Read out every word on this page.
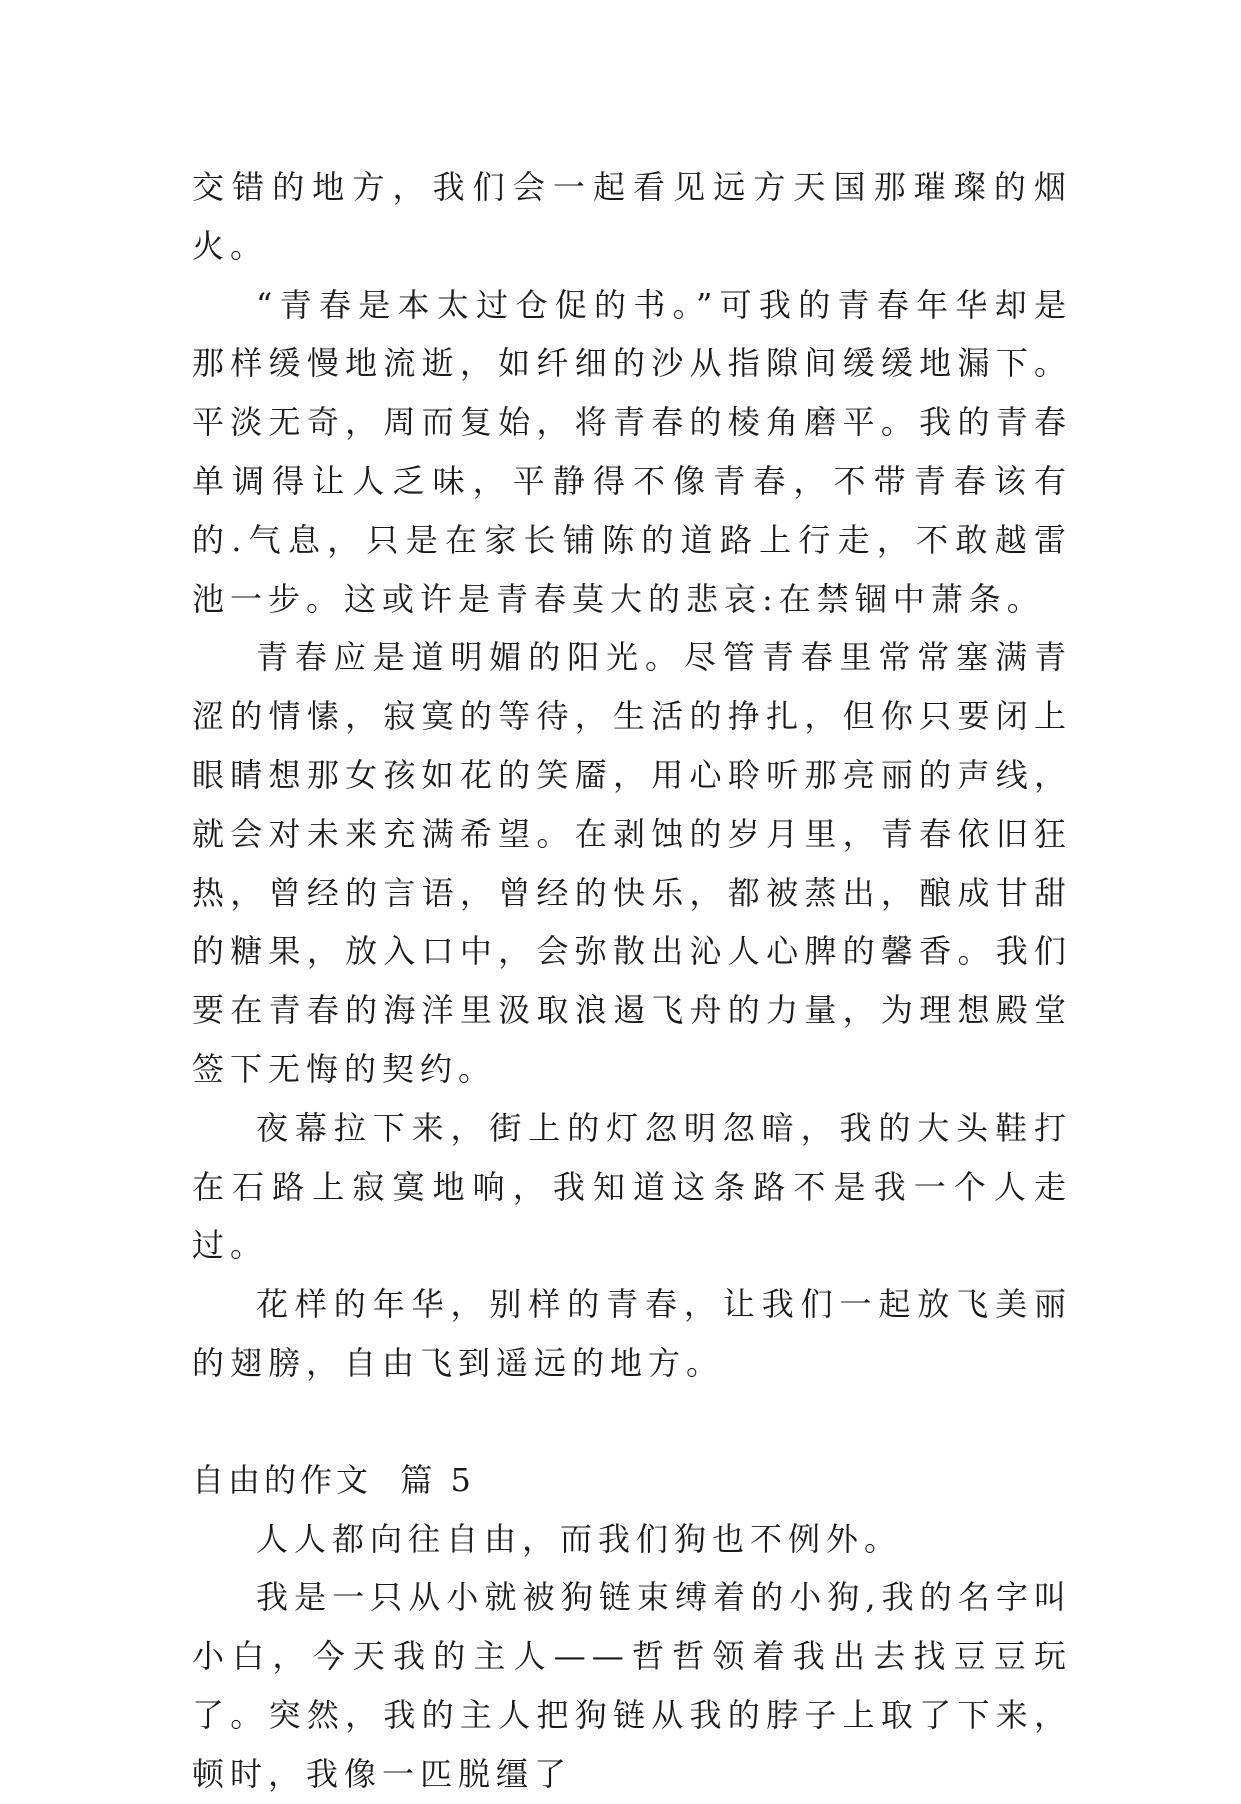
交错的地方，我们会一起看见远方天国那璀璨的烟火。

“青春是本太过仓促的书。”可我的青春年华却是那样缓慢地流逝，如纤细的沙从指隙间缓缓地漏下。平淡无奇，周而复始，将青春的棱角磨平。我的青春单调得让人乏味，平静得不像青春，不带青春该有的.气息，只是在家长铺陈的道路上行走，不敢越雷池一步。这或许是青春莫大的悲哀:在禁锢中萧条。

青春应是道明媚的阳光。尽管青春里常常塞满青涩的情愫，寂寞的等待，生活的挣扎，但你只要闭上眼睛想那女孩如花的笑靥，用心聆听那亮丽的声线，就会对未来充满希望。在剥蚀的岁月里，青春依旧狂热，曾经的言语，曾经的快乐，都被蒸出，酿成甘甜的糖果，放入口中，会弥散出沁人心脾的馨香。我们要在青春的海洋里汲取浪遏飞舟的力量，为理想殿堂签下无悔的契约。

夜幕拉下来，街上的灯忽明忽暗，我的大头鞋打在石路上寂寞地响，我知道这条路不是我一个人走过。

花样的年华，别样的青春，让我们一起放飞美丽的翅膀，自由飞到遥远的地方。

自由的作文  篇 5

人人都向往自由，而我们狗也不例外。

我是一只从小就被狗链束缚着的小狗,我的名字叫小白，今天我的主人——哲哲领着我出去找豆豆玩了。突然，我的主人把狗链从我的脖子上取了下来，顿时，我像一匹脱缰了
